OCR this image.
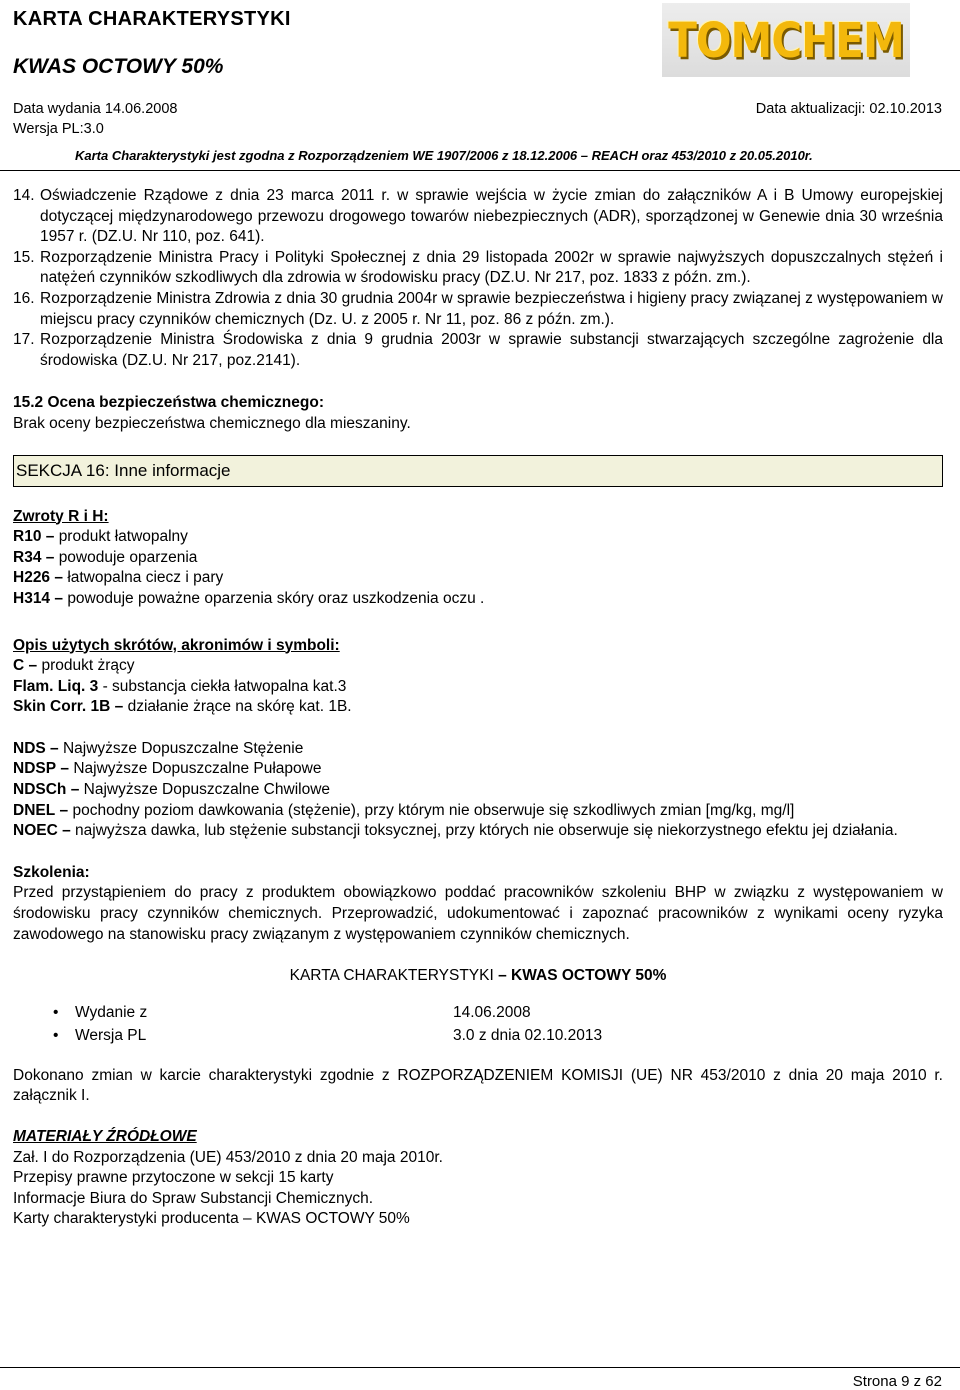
KARTA CHARAKTERYSTYKI
KWAS OCTOWY 50%	TOMCHEM
Data wydania 14.06.2008	Data aktualizacji: 02.10.2013
Wersja PL:3.0
Karta Charakterystyki jest zgodna z Rozporządzeniem WE 1907/2006 z 18.12.2006 – REACH oraz 453/2010 z 20.05.2010r.
14. Oświadczenie Rządowe z dnia 23 marca 2011 r. w sprawie wejścia w życie zmian do załączników A i B Umowy europejskiej dotyczącej międzynarodowego przewozu drogowego towarów niebezpiecznych (ADR), sporządzonej w Genewie dnia 30 września 1957 r. (DZ.U. Nr 110, poz. 641).
15. Rozporządzenie Ministra Pracy i Polityki Społecznej z dnia 29 listopada 2002r w sprawie najwyższych dopuszczalnych stężeń i natężeń czynników szkodliwych dla zdrowia w środowisku pracy (DZ.U. Nr 217, poz. 1833 z późn. zm.).
16. Rozporządzenie Ministra Zdrowia z dnia 30 grudnia 2004r w sprawie bezpieczeństwa i higieny pracy związanej z występowaniem w miejscu pracy czynników chemicznych (Dz. U. z 2005 r. Nr 11, poz. 86 z późn. zm.).
17. Rozporządzenie Ministra Środowiska z dnia 9 grudnia 2003r w sprawie substancji stwarzających szczególne zagrożenie dla środowiska (DZ.U. Nr 217, poz.2141).
15.2 Ocena bezpieczeństwa chemicznego:
Brak oceny bezpieczeństwa chemicznego dla mieszaniny.
SEKCJA 16: Inne informacje
Zwroty R i H:
R10 – produkt łatwopalny
R34 – powoduje oparzenia
H226 – łatwopalna ciecz i pary
H314 – powoduje poważne oparzenia skóry oraz uszkodzenia oczu .
Opis użytych skrótów, akronimów i symboli:
C – produkt żrący
Flam. Liq. 3 - substancja ciekła łatwopalna kat.3
Skin Corr. 1B – działanie żrące na skórę kat. 1B.
NDS – Najwyższe Dopuszczalne Stężenie
NDSP – Najwyższe Dopuszczalne Pułapowe
NDSCh – Najwyższe Dopuszczalne Chwilowe
DNEL – pochodny poziom dawkowania (stężenie), przy którym nie obserwuje się szkodliwych zmian [mg/kg, mg/l]
NOEC – najwyższa dawka, lub stężenie substancji toksycznej, przy których nie obserwuje się niekorzystnego efektu jej działania.
Szkolenia:
Przed przystąpieniem do pracy z produktem obowiązkowo poddać pracowników szkoleniu BHP w związku z występowaniem w środowisku pracy czynników chemicznych. Przeprowadzić, udokumentować i zapoznać pracowników z wynikami oceny ryzyka zawodowego na stanowisku pracy związanym z występowaniem czynników chemicznych.
KARTA CHARAKTERYSTYKI – KWAS OCTOWY 50%
•	Wydanie z	14.06.2008
•	Wersja PL	3.0 z dnia 02.10.2013
Dokonano zmian w karcie charakterystyki zgodnie z ROZPORZĄDZENIEM KOMISJI (UE) NR 453/2010 z dnia 20 maja 2010 r. załącznik I.
MATERIAŁY ŹRÓDŁOWE
Zał. I do Rozporządzenia (UE) 453/2010 z dnia 20 maja 2010r.
Przepisy prawne przytoczone w sekcji 15 karty
Informacje Biura do Spraw Substancji Chemicznych.
Karty charakterystyki producenta – KWAS OCTOWY 50%
Strona 9 z 62
